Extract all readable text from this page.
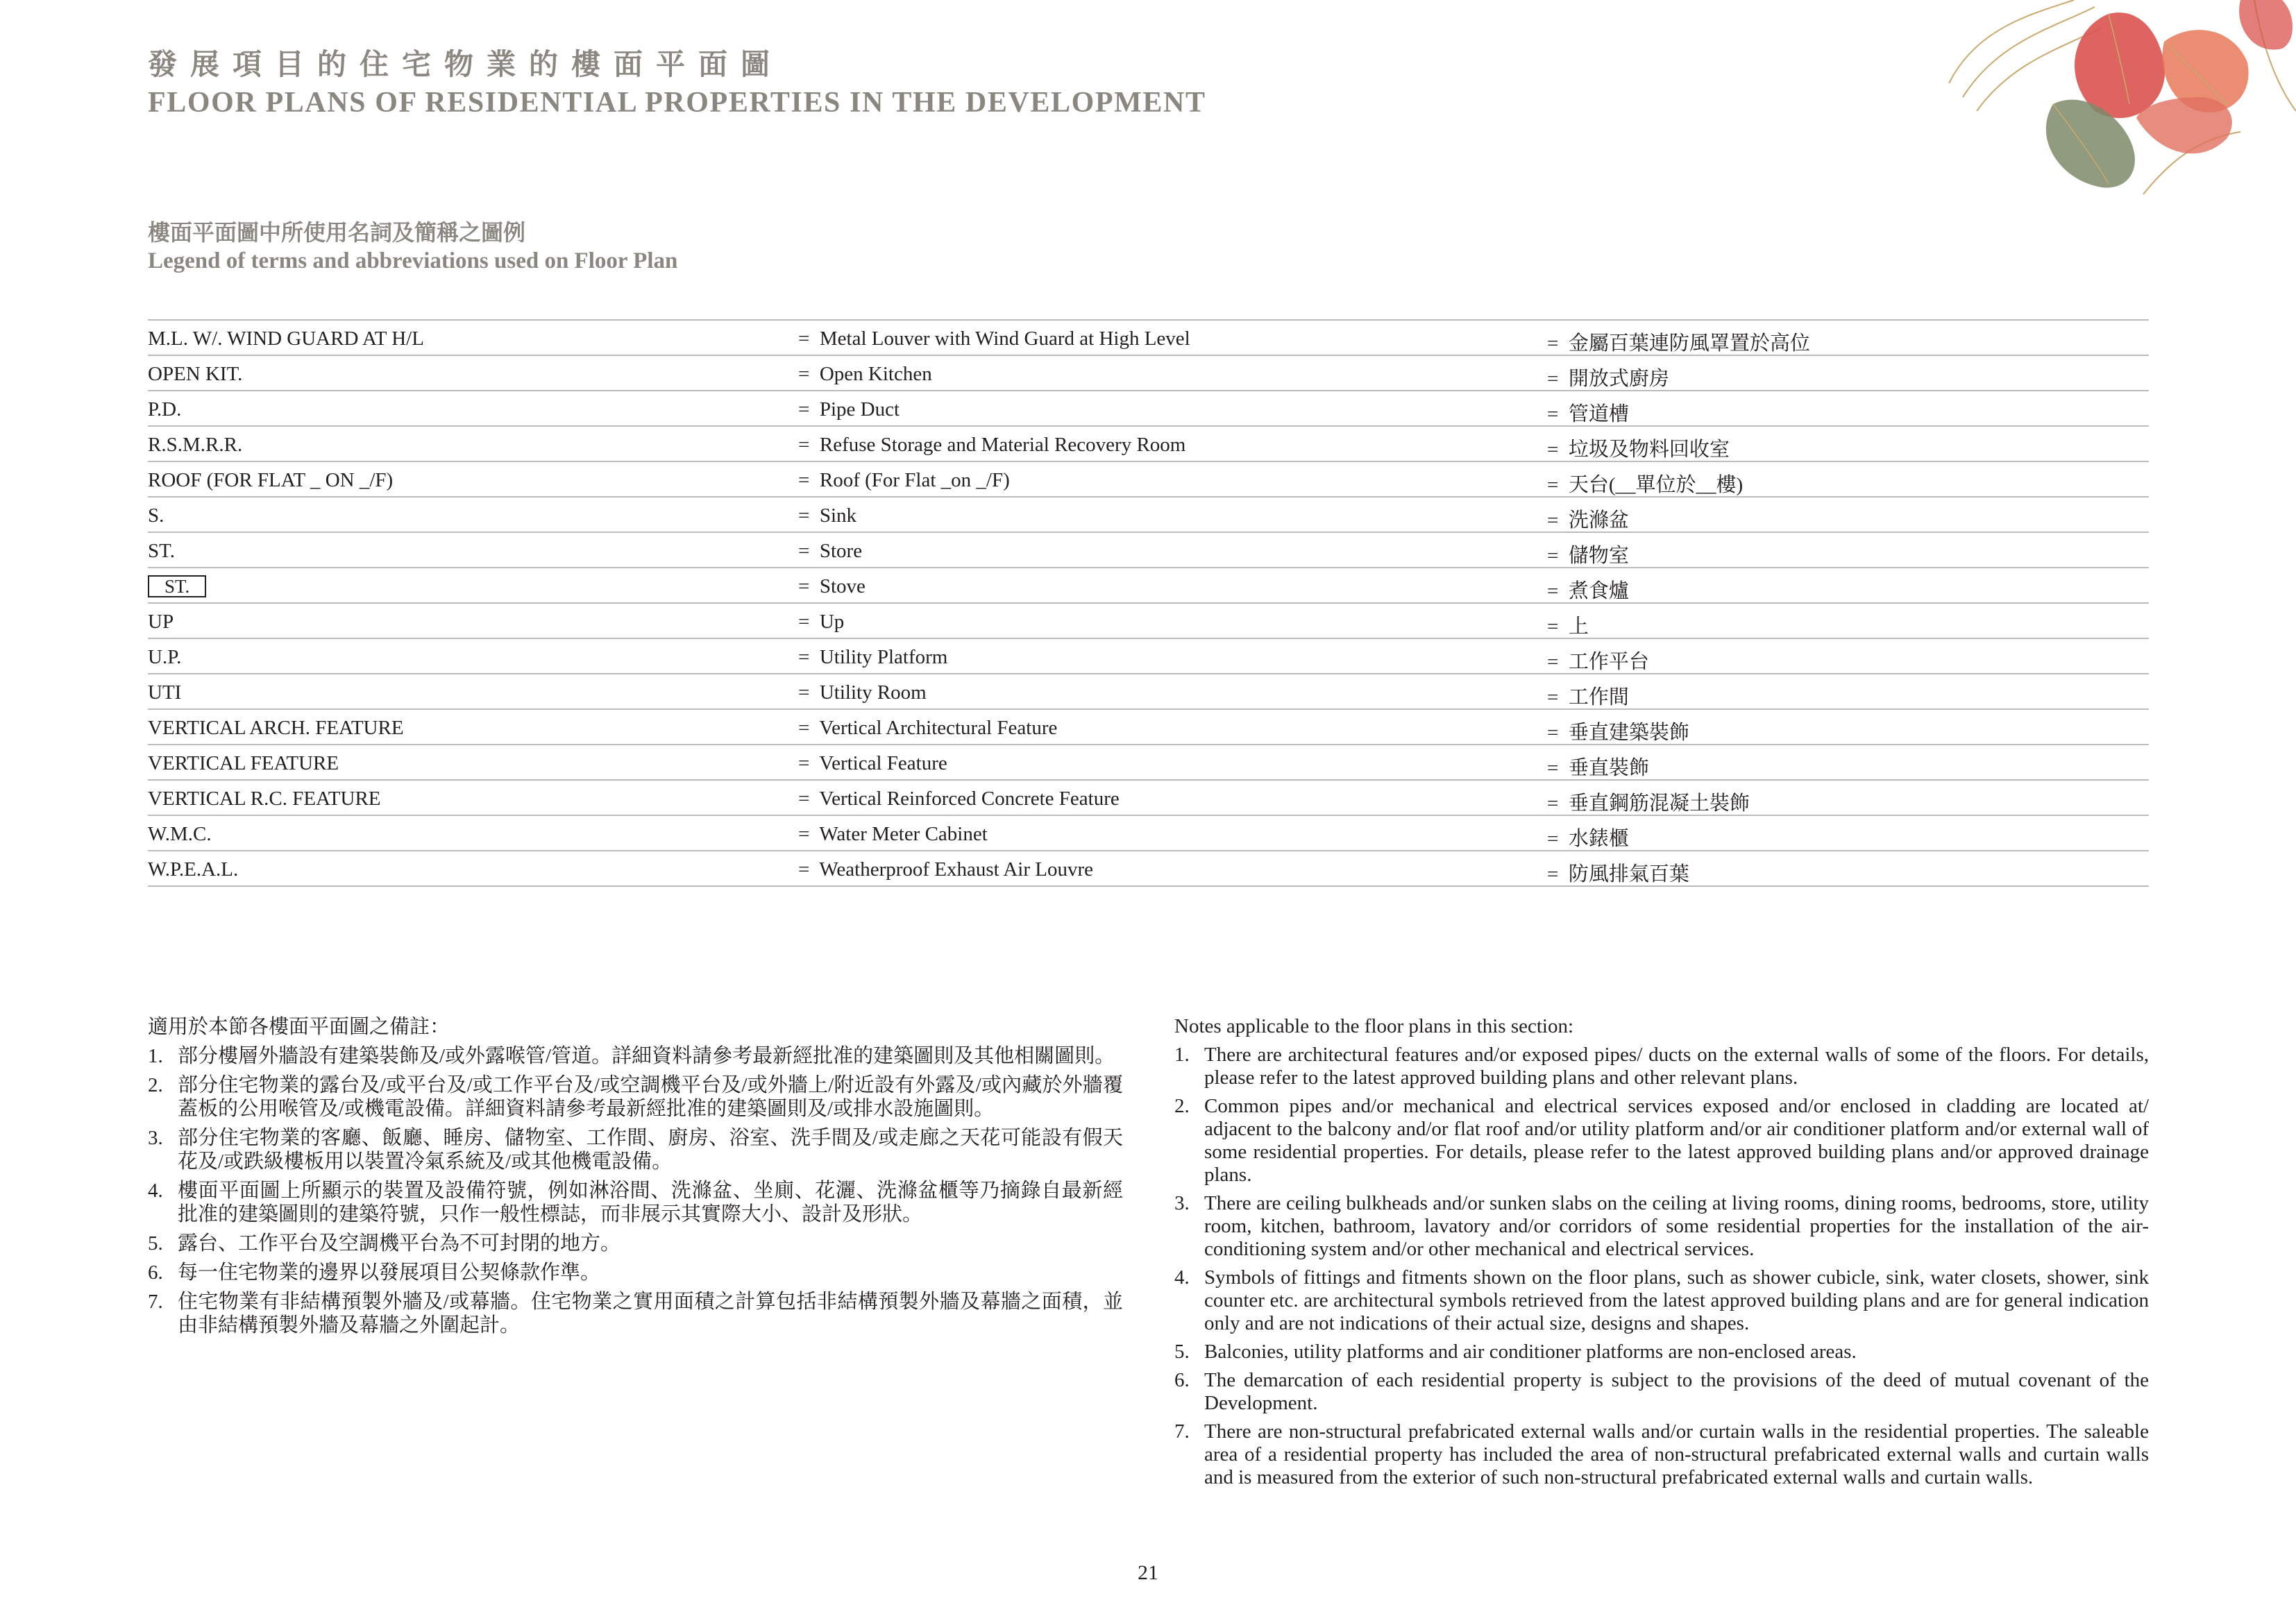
發展項目的住宅物業的樓面平面圖
FLOOR PLANS OF RESIDENTIAL PROPERTIES IN THE DEVELOPMENT
樓面平面圖中所使用名詞及簡稱之圖例
Legend of terms and abbreviations used on Floor Plan
M.L. W/. WIND GUARD AT H/L	= Metal Louver with Wind Guard at High Level	= 金屬百葉連防風罩置於高位
OPEN KIT.	= Open Kitchen	= 開放式廚房
P.D.	= Pipe Duct	= 管道槽
R.S.M.R.R.	= Refuse Storage and Material Recovery Room	= 垃圾及物料回收室
ROOF (FOR FLAT _ ON _/F)	= Roof (For Flat _on _/F)	= 天台(__單位於__樓)
S.	= Sink	= 洗滌盆
ST.	= Store	= 儲物室
ST.	= Stove	= 煮食爐
UP	= Up	= 上
U.P.	= Utility Platform	= 工作平台
UTI	= Utility Room	= 工作間
VERTICAL ARCH. FEATURE	= Vertical Architectural Feature	= 垂直建築裝飾
VERTICAL FEATURE	= Vertical Feature	= 垂直裝飾
VERTICAL R.C. FEATURE	= Vertical Reinforced Concrete Feature	= 垂直鋼筋混凝土裝飾
W.M.C.	= Water Meter Cabinet	= 水錶櫃
W.P.E.A.L.	= Weatherproof Exhaust Air Louvre	= 防風排氣百葉

適用於本節各樓面平面圖之備註：

1. 部分樓層外牆設有建築裝飾及/或外露喉管/管道。詳細資料請參考最新經批准的建築圖則及其他相關圖則。
2. 部分住宅物業的露台及/或平台及/或工作平台及/或空調機平台及/或外牆上/附近設有外露及/或內藏於外牆覆蓋板的公用喉管及/或機電設備。詳細資料請參考最新經批准的建築圖則及/或排水設施圖則。
3. 部分住宅物業的客廳、飯廳、睡房、儲物室、工作間、廚房、浴室、洗手間及/或走廊之天花可能設有假天花及/或跌級樓板用以裝置冷氣系統及/或其他機電設備。
4. 樓面平面圖上所顯示的裝置及設備符號，例如淋浴間、洗滌盆、坐廁、花灑、洗滌盆櫃等乃摘錄自最新經批准的建築圖則的建築符號，只作一般性標誌，而非展示其實際大小、設計及形狀。
5. 露台、工作平台及空調機平台為不可封閉的地方。
6. 每一住宅物業的邊界以發展項目公契條款作準。
7. 住宅物業有非結構預製外牆及/或幕牆。住宅物業之實用面積之計算包括非結構預製外牆及幕牆之面積，並由非結構預製外牆及幕牆之外圍起計。

Notes applicable to the floor plans in this section:

1. There are architectural features and/or exposed pipes/ ducts on the external walls of some of the floors. For details, please refer to the latest approved building plans and other relevant plans.
2. Common pipes and/or mechanical and electrical services exposed and/or enclosed in cladding are located at/ adjacent to the balcony and/or flat roof and/or utility platform and/or air conditioner platform and/or external wall of some residential properties. For details, please refer to the latest approved building plans and/or approved drainage plans.
3. There are ceiling bulkheads and/or sunken slabs on the ceiling at living rooms, dining rooms, bedrooms, store, utility room, kitchen, bathroom, lavatory and/or corridors of some residential properties for the installation of the air-conditioning system and/or other mechanical and electrical services.
4. Symbols of fittings and fitments shown on the floor plans, such as shower cubicle, sink, water closets, shower, sink counter etc. are architectural symbols retrieved from the latest approved building plans and are for general indication only and are not indications of their actual size, designs and shapes.
5. Balconies, utility platforms and air conditioner platforms are non-enclosed areas.
6. The demarcation of each residential property is subject to the provisions of the deed of mutual covenant of the Development.
7. There are non-structural prefabricated external walls and/or curtain walls in the residential properties. The saleable area of a residential property has included the area of non-structural prefabricated external walls and curtain walls and is measured from the exterior of such non-structural prefabricated external walls and curtain walls.
21
